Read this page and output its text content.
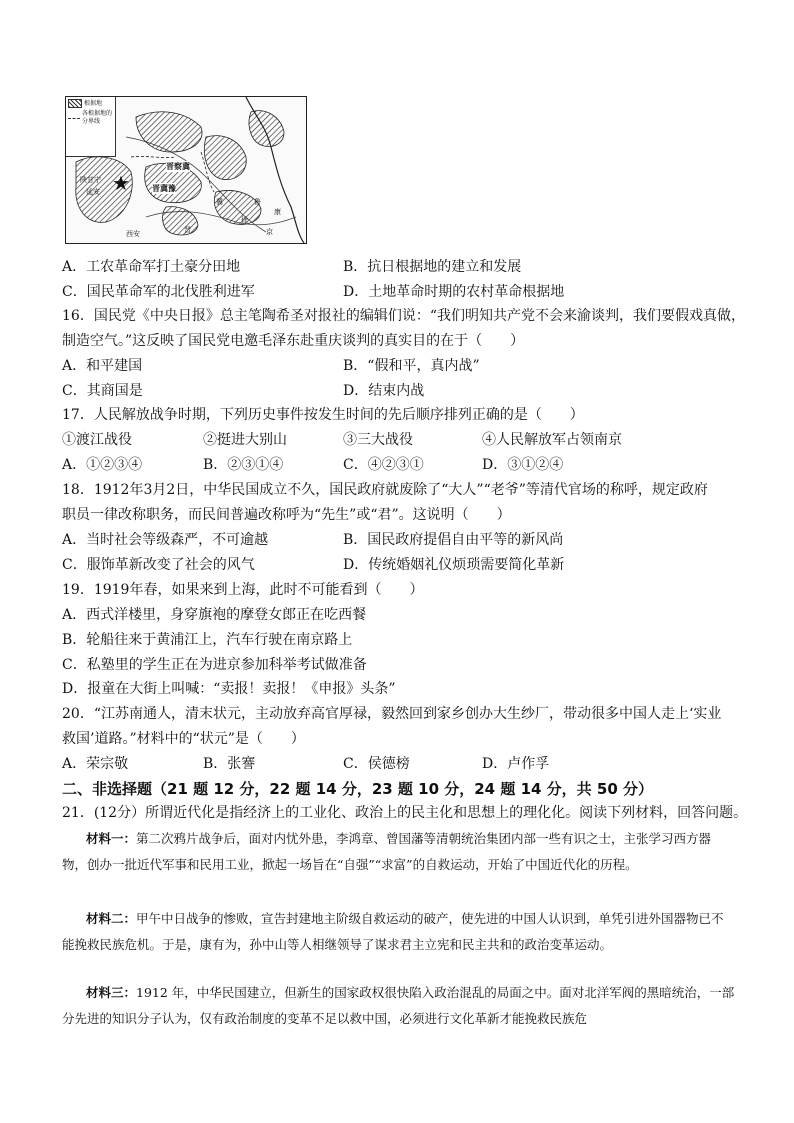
根据地
各根据地的分界线
晋察冀
晋冀豫
陕甘宁
延安
西安
徐
京
冀
康
晋
鲁
★
A．工农革命军打土豪分田地	B．抗日根据地的建立和发展
C．国民革命军的北伐胜利进军	D．土地革命时期的农村革命根据地
16．国民党《中央日报》总主笔陶希圣对报社的编辑们说：“我们明知共产党不会来渝谈判，我们要假戏真做，
制造空气。”这反映了国民党电邀毛泽东赴重庆谈判的真实目的在于（　　）
A．和平建国	B．“假和平，真内战”
C．其商国是	D．结束内战
17．人民解放战争时期，下列历史事件按发生时间的先后顺序排列正确的是（　　）
①渡江战役	②挺进大别山	③三大战役	④人民解放军占领南京
A．①②③④	B．②③①④	C．④②③①	D．③①②④
18．1912年3月2日，中华民国成立不久，国民政府就废除了“大人”“老爷”等清代官场的称呼，规定政府
职员一律改称职务，而民间普遍改称呼为“先生”或“君”。这说明（　　）
A．当时社会等级森严，不可逾越	B．国民政府提倡自由平等的新风尚
C．服饰革新改变了社会的风气	D．传统婚姻礼仪烦琐需要简化革新
19．1919年春，如果来到上海，此时不可能看到（　　）
A．西式洋楼里，身穿旗袍的摩登女郎正在吃西餐
B．轮船往来于黄浦江上，汽车行驶在南京路上
C．私塾里的学生正在为进京参加科举考试做准备
D．报童在大街上叫喊：“卖报！卖报！《申报》头条”
20．“江苏南通人，清末状元，主动放弃高官厚禄，毅然回到家乡创办大生纱厂，带动很多中国人走上‘实业
救国’道路。”材料中的“状元”是（　　）
A．荣宗敬	B．张謇	C．侯德榜	D．卢作孚
二、非选择题（21 题 12 分，22 题 14 分，23 题 10 分，24 题 14 分，共 50 分）
21．(12分）所谓近代化是指经济上的工业化、政治上的民主化和思想上的理化化。阅读下列材料，回答问题。
材料一：第二次鸦片战争后，面对内忧外患，李鸿章、曾国藩等清朝统治集团内部一些有识之士，主张学习西方器物，创办一批近代军事和民用工业，掀起一场旨在“自强”“求富”的自救运动，开始了中国近代化的历程。
材料二：甲午中日战争的惨败，宣告封建地主阶级自救运动的破产，使先进的中国人认识到，单凭引进外国器物已不能挽救民族危机。于是，康有为，孙中山等人相继领导了谋求君主立宪和民主共和的政治变革运动。
材料三：1912 年，中华民国建立，但新生的国家政权很快陷入政治混乱的局面之中。面对北洋军阀的黑暗统治，一部分先进的知识分子认为，仅有政治制度的变革不足以救中国，必须进行文化革新才能挽救民族危
